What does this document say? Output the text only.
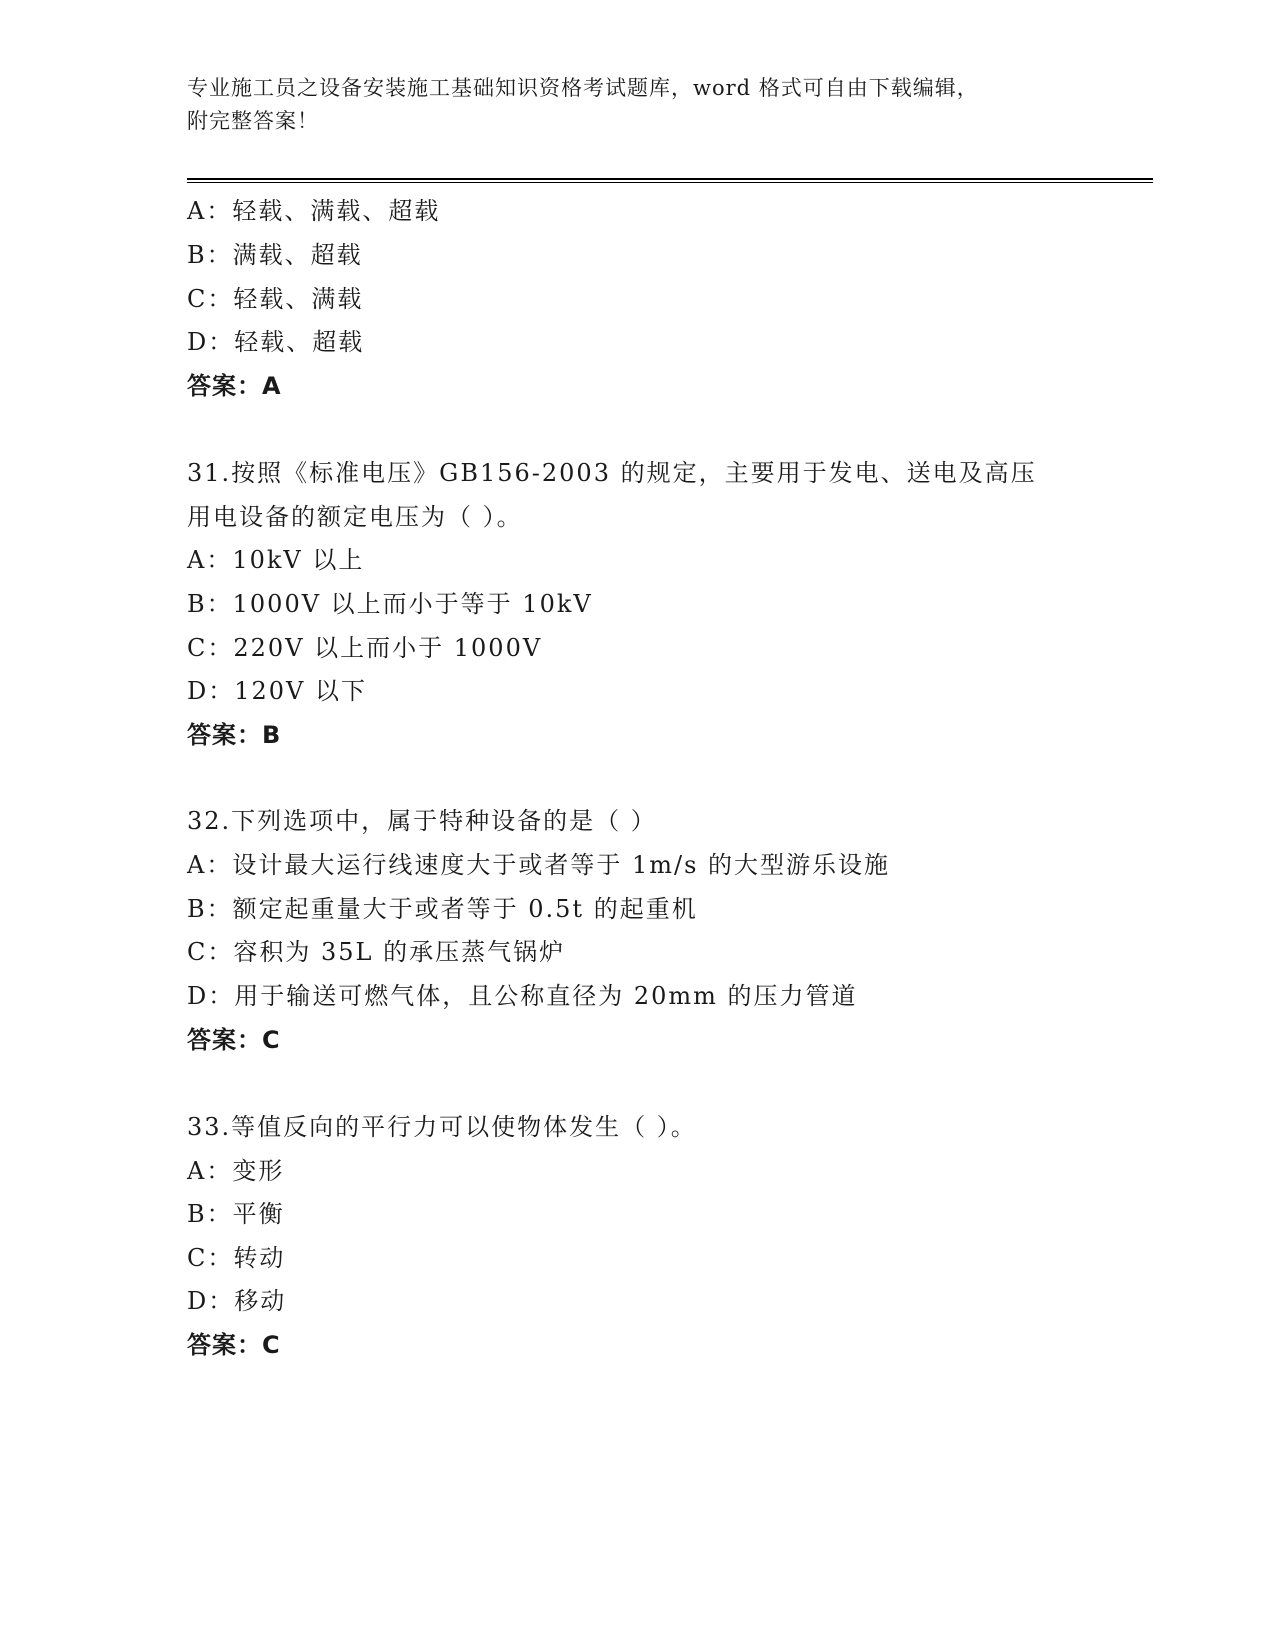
专业施工员之设备安装施工基础知识资格考试题库，word 格式可自由下载编辑，
附完整答案！
A：轻载、满载、超载
B：满载、超载
C：轻载、满载
D：轻载、超载
答案：A
31.按照《标准电压》GB156-2003 的规定，主要用于发电、送电及高压
用电设备的额定电压为（ ）。
A：10kV 以上
B：1000V 以上而小于等于 10kV
C：220V 以上而小于 1000V
D：120V 以下
答案：B
32.下列选项中，属于特种设备的是（ ）
A：设计最大运行线速度大于或者等于 1m/s 的大型游乐设施
B：额定起重量大于或者等于 0.5t 的起重机
C：容积为 35L 的承压蒸气锅炉
D：用于输送可燃气体，且公称直径为 20mm 的压力管道
答案：C
33.等值反向的平行力可以使物体发生（ ）。
A：变形
B：平衡
C：转动
D：移动
答案：C
